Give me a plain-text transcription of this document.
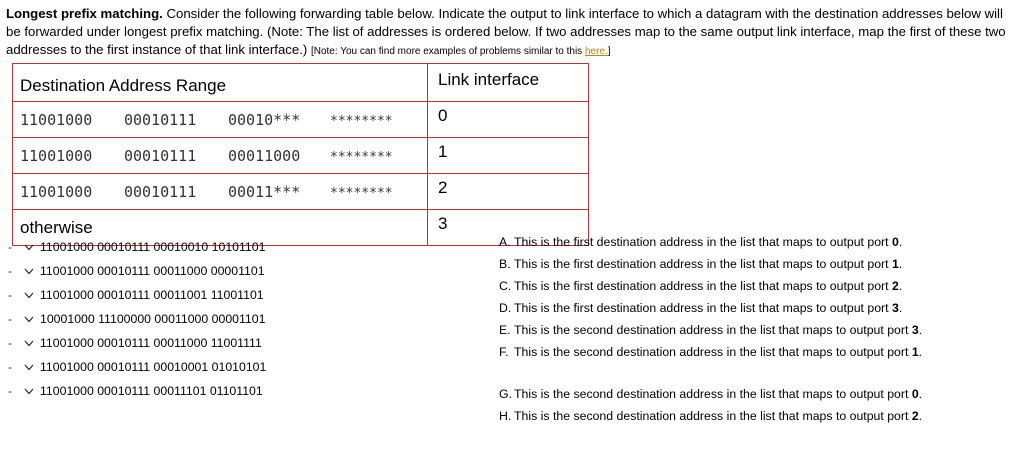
Longest prefix matching. Consider the following forwarding table below. Indicate the output to link interface to which a datagram with the destination addresses below will be forwarded under longest prefix matching. (Note: The list of addresses is ordered below. If two addresses map to the same output link interface, map the first of these two addresses to the first instance of that link interface.) [Note: You can find more examples of problems similar to this here.]
Destination Address Range	Link interface
11001000 00010111 00010*** ********	0
11001000 00010111 00011000 ********	1
11001000 00010111 00011*** ********	2
otherwise	3
-	11001000 00010111 00010010 10101101
-	11001000 00010111 00011000 00001101
-	11001000 00010111 00011001 11001101
-	10001000 11100000 00011000 00001101
-	11001000 00010111 00011000 11001111
-	11001000 00010111 00010001 01010101
-	11001000 00010111 00011101 01101101
A. This is the first destination address in the list that maps to output port 0.
B. This is the first destination address in the list that maps to output port 1.
C. This is the first destination address in the list that maps to output port 2.
D. This is the first destination address in the list that maps to output port 3.
E. This is the second destination address in the list that maps to output port 3.
F. This is the second destination address in the list that maps to output port 1.
G. This is the second destination address in the list that maps to output port 0.
H. This is the second destination address in the list that maps to output port 2.
